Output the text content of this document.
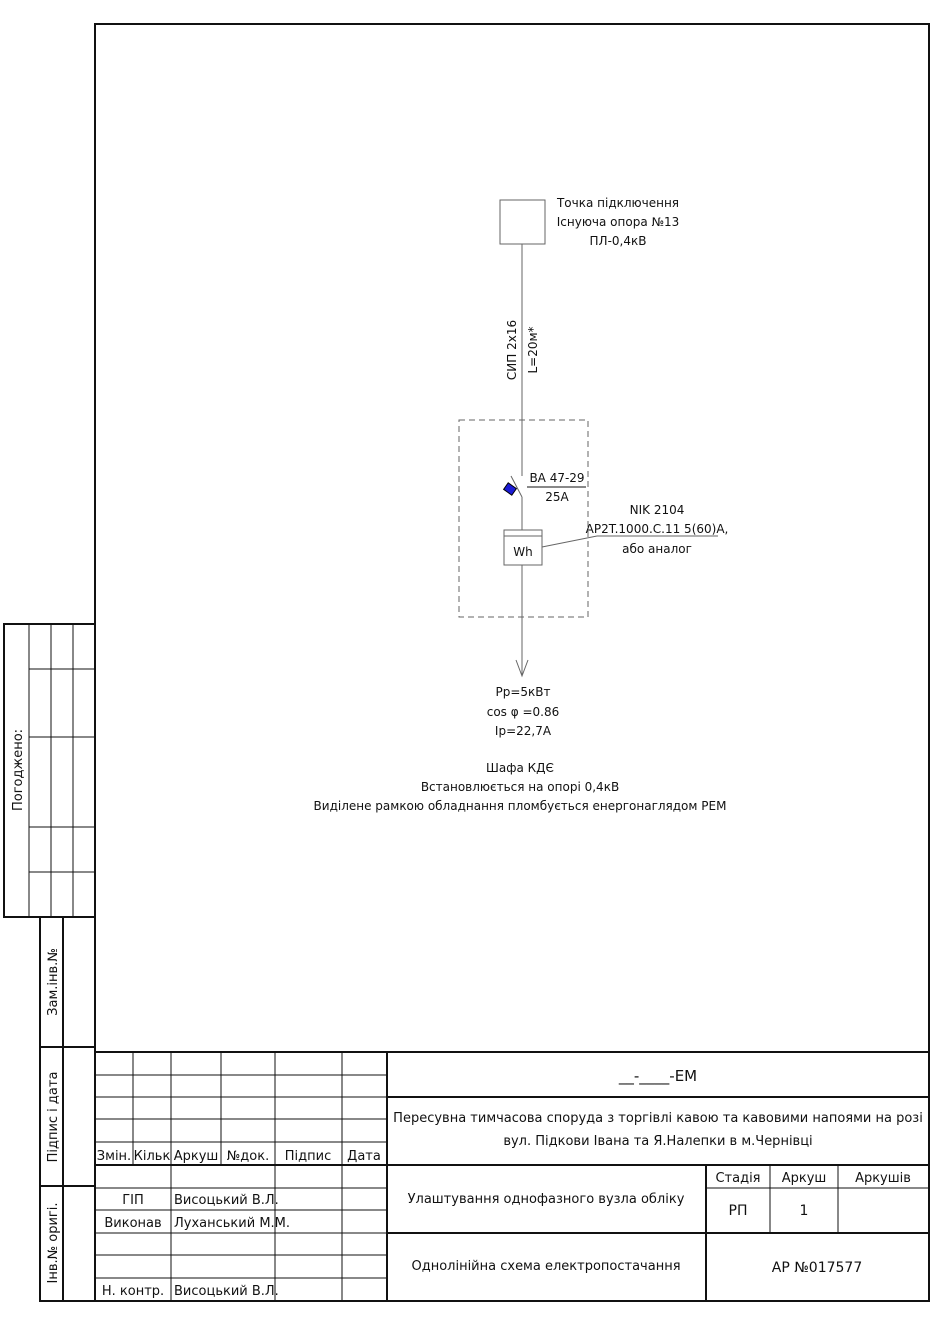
Погоджено:
Зам.інв.№
Підпис і дата
Інв.№ оригі.
Точка підключення
Існуюча опора №13
ПЛ-0,4кВ
СИП 2х16 L=20м*
ВА 47-29
25А
Wh
NIK 2104
AP2T.1000.C.11 5(60)A,
або аналог
Pр=5кВт
cos φ =0.86
Iр=22,7А
Шафа КДЄ
Встановлюється на опорі 0,4кВ
Виділене рамкою обладнання пломбується енергонаглядом РЕМ
Змін. Кільк Аркуш №док. Підпис Дата
ГІП Висоцький В.Л.
Виконав Луханський М.М.
Н. контр. Висоцький В.Л.
__-____-ЕМ
Пересувна тимчасова споруда з торгівлі кавою та кавовими напоями на розі
вул. Підкови Івана та Я.Налепки в м.Чернівці
Улаштування однофазного вузла обліку
Однолінійна схема електропостачання
Стадія Аркуш Аркушів
РП	1
АР №017577
